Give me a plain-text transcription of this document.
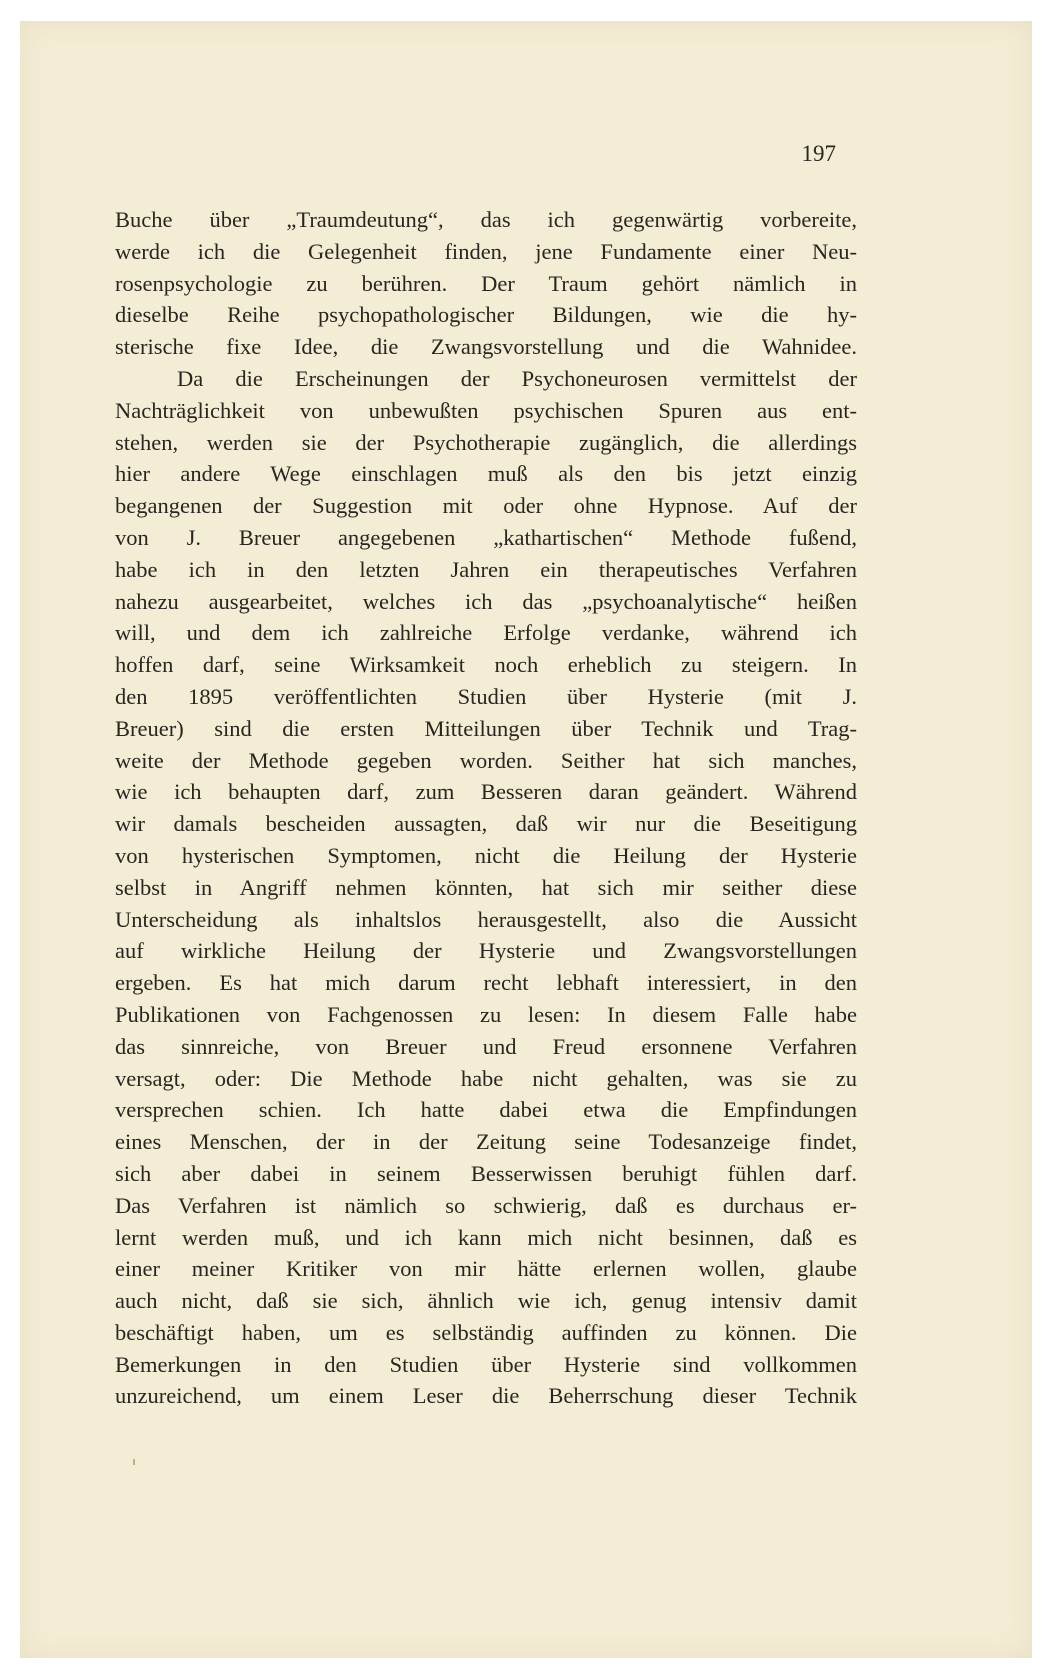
197
Buche über „Traumdeutung“, das ich gegenwärtig vorbereite,
werde ich die Gelegenheit finden, jene Fundamente einer Neu-
rosenpsychologie zu berühren. Der Traum gehört nämlich in
dieselbe Reihe psychopathologischer Bildungen, wie die hy-
sterische fixe Idee, die Zwangsvorstellung und die Wahnidee.
Da die Erscheinungen der Psychoneurosen vermittelst der
Nachträglichkeit von unbewußten psychischen Spuren aus ent-
stehen, werden sie der Psychotherapie zugänglich, die allerdings
hier andere Wege einschlagen muß als den bis jetzt einzig
begangenen der Suggestion mit oder ohne Hypnose. Auf der
von J. Breuer angegebenen „kathartischen“ Methode fußend,
habe ich in den letzten Jahren ein therapeutisches Verfahren
nahezu ausgearbeitet, welches ich das „psychoanalytische“ heißen
will, und dem ich zahlreiche Erfolge verdanke, während ich
hoffen darf, seine Wirksamkeit noch erheblich zu steigern. In
den 1895 veröffentlichten Studien über Hysterie (mit J.
Breuer) sind die ersten Mitteilungen über Technik und Trag-
weite der Methode gegeben worden. Seither hat sich manches,
wie ich behaupten darf, zum Besseren daran geändert. Während
wir damals bescheiden aussagten, daß wir nur die Beseitigung
von hysterischen Symptomen, nicht die Heilung der Hysterie
selbst in Angriff nehmen könnten, hat sich mir seither diese
Unterscheidung als inhaltslos herausgestellt, also die Aussicht
auf wirkliche Heilung der Hysterie und Zwangsvorstellungen
ergeben. Es hat mich darum recht lebhaft interessiert, in den
Publikationen von Fachgenossen zu lesen: In diesem Falle habe
das sinnreiche, von Breuer und Freud ersonnene Verfahren
versagt, oder: Die Methode habe nicht gehalten, was sie zu
versprechen schien. Ich hatte dabei etwa die Empfindungen
eines Menschen, der in der Zeitung seine Todesanzeige findet,
sich aber dabei in seinem Besserwissen beruhigt fühlen darf.
Das Verfahren ist nämlich so schwierig, daß es durchaus er-
lernt werden muß, und ich kann mich nicht besinnen, daß es
einer meiner Kritiker von mir hätte erlernen wollen, glaube
auch nicht, daß sie sich, ähnlich wie ich, genug intensiv damit
beschäftigt haben, um es selbständig auffinden zu können. Die
Bemerkungen in den Studien über Hysterie sind vollkommen
unzureichend, um einem Leser die Beherrschung dieser Technik
